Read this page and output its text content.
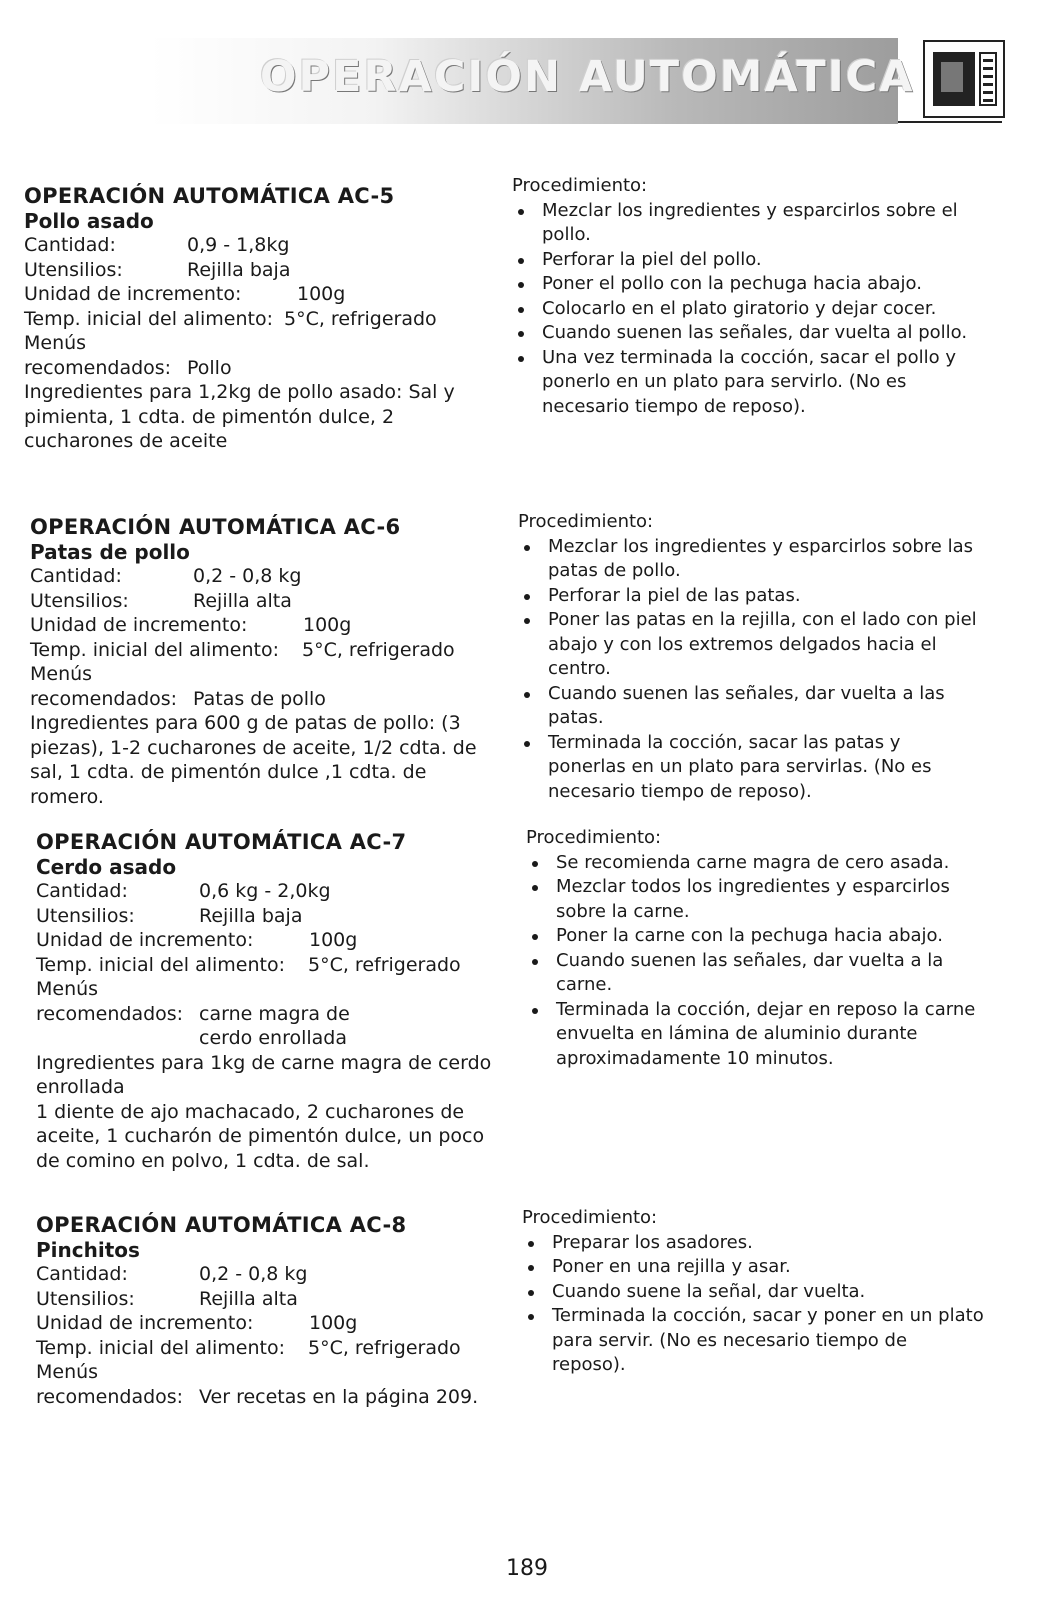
OPERACIÓN AUTOMÁTICA
OPERACIÓN AUTOMÁTICA AC-5
Pollo asado
Cantidad:	0,9 - 1,8kg
Utensilios:	Rejilla baja
Unidad de incremento:	100g
Temp. inicial del alimento: 5°C, refrigerado
Menús
recomendados: Pollo

Ingredientes para 1,2kg de pollo asado: Sal y pimienta, 1 cdta. de pimentón dulce, 2 cucharones de aceite

Procedimiento:
Mezclar los ingredientes y esparcirlos sobre el pollo.
Perforar la piel del pollo.
Poner el pollo con la pechuga hacia abajo.
Colocarlo en el plato giratorio y dejar cocer.
Cuando suenen las señales, dar vuelta al pollo.
Una vez terminada la cocción, sacar el pollo y ponerlo en un plato para servirlo. (No es necesario tiempo de reposo).
OPERACIÓN AUTOMÁTICA AC-6
Patas de pollo
Cantidad:	0,2 - 0,8 kg
Utensilios:	Rejilla alta
Unidad de incremento:	100g
Temp. inicial del alimento:	5°C, refrigerado
Menús
recomendados: Patas de pollo

Ingredientes para 600 g de patas de pollo: (3 piezas), 1-2 cucharones de aceite, 1/2 cdta. de sal, 1 cdta. de pimentón dulce ,1 cdta. de romero.

Procedimiento:
Mezclar los ingredientes y esparcirlos sobre las patas de pollo.
Perforar la piel de las patas.
Poner las patas en la rejilla, con el lado con piel abajo y con los extremos delgados hacia el centro.
Cuando suenen las señales, dar vuelta a las patas.
Terminada la cocción, sacar las patas y ponerlas en un plato para servirlas. (No es necesario tiempo de reposo).
OPERACIÓN AUTOMÁTICA AC-7
Cerdo asado
Cantidad:	0,6 kg - 2,0kg
Utensilios:	Rejilla baja
Unidad de incremento:	100g
Temp. inicial del alimento:	5°C, refrigerado
Menús
recomendados: carne magra de cerdo enrollada

Ingredientes para 1kg de carne magra de cerdo enrollada

1 diente de ajo machacado, 2 cucharones de aceite, 1 cucharón de pimentón dulce, un poco de comino en polvo, 1 cdta. de sal.

Procedimiento:
Se recomienda carne magra de cero asada.
Mezclar todos los ingredientes y esparcirlos sobre la carne.
Poner la carne con la pechuga hacia abajo.
Cuando suenen las señales, dar vuelta a la carne.
Terminada la cocción, dejar en reposo la carne envuelta en lámina de aluminio durante aproximadamente 10 minutos.
OPERACIÓN AUTOMÁTICA AC-8
Pinchitos
Cantidad:	0,2 - 0,8 kg
Utensilios:	Rejilla alta
Unidad de incremento:	100g
Temp. inicial del alimento:	5°C, refrigerado
Menús
recomendados: Ver recetas en la página 209.
Procedimiento:
Preparar los asadores.
Poner en una rejilla y asar.
Cuando suene la señal, dar vuelta.
Terminada la cocción, sacar y poner en un plato para servir. (No es necesario tiempo de reposo).
189
